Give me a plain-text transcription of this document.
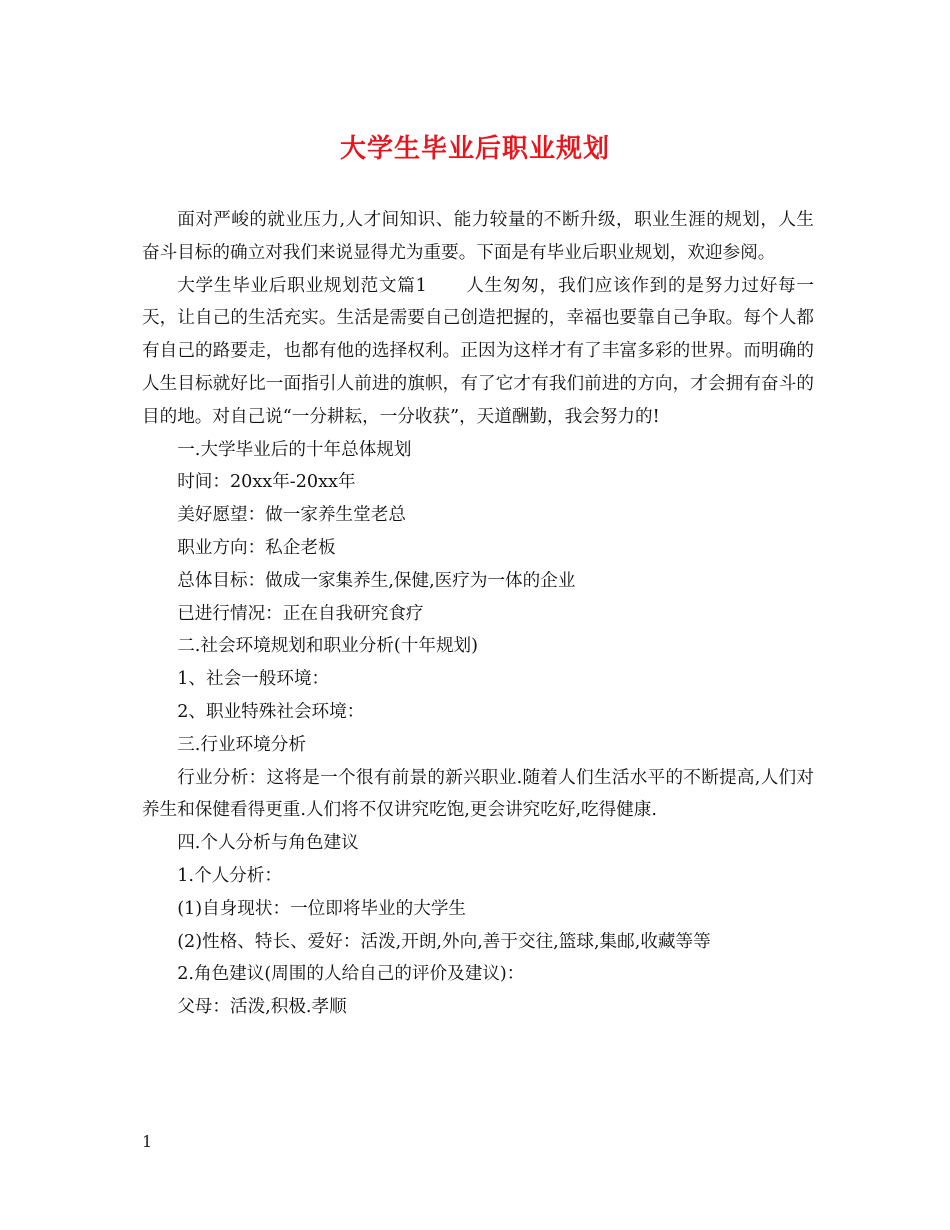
大学生毕业后职业规划

面对严峻的就业压力,人才间知识、能力较量的不断升级，职业生涯的规划，人生奋斗目标的确立对我们来说显得尤为重要。下面是有毕业后职业规划，欢迎参阅。

大学生毕业后职业规划范文篇1 人生匆匆，我们应该作到的是努力过好每一天，让自己的生活充实。生活是需要自己创造把握的，幸福也要靠自己争取。每个人都有自己的路要走，也都有他的选择权利。正因为这样才有了丰富多彩的世界。而明确的人生目标就好比一面指引人前进的旗帜，有了它才有我们前进的方向，才会拥有奋斗的目的地。对自己说“一分耕耘，一分收获”，天道酬勤，我会努力的!

一.大学毕业后的十年总体规划

时间：20xx年-20xx年

美好愿望：做一家养生堂老总

职业方向：私企老板

总体目标：做成一家集养生,保健,医疗为一体的企业

已进行情况：正在自我研究食疗

二.社会环境规划和职业分析(十年规划)

1、社会一般环境：

2、职业特殊社会环境：

三.行业环境分析

行业分析：这将是一个很有前景的新兴职业.随着人们生活水平的不断提高,人们对养生和保健看得更重.人们将不仅讲究吃饱,更会讲究吃好,吃得健康.

四.个人分析与角色建议

1.个人分析：

(1)自身现状：一位即将毕业的大学生

(2)性格、特长、爱好：活泼,开朗,外向,善于交往,篮球,集邮,收藏等等

2.角色建议(周围的人给自己的评价及建议)：

父母：活泼,积极.孝顺

1
